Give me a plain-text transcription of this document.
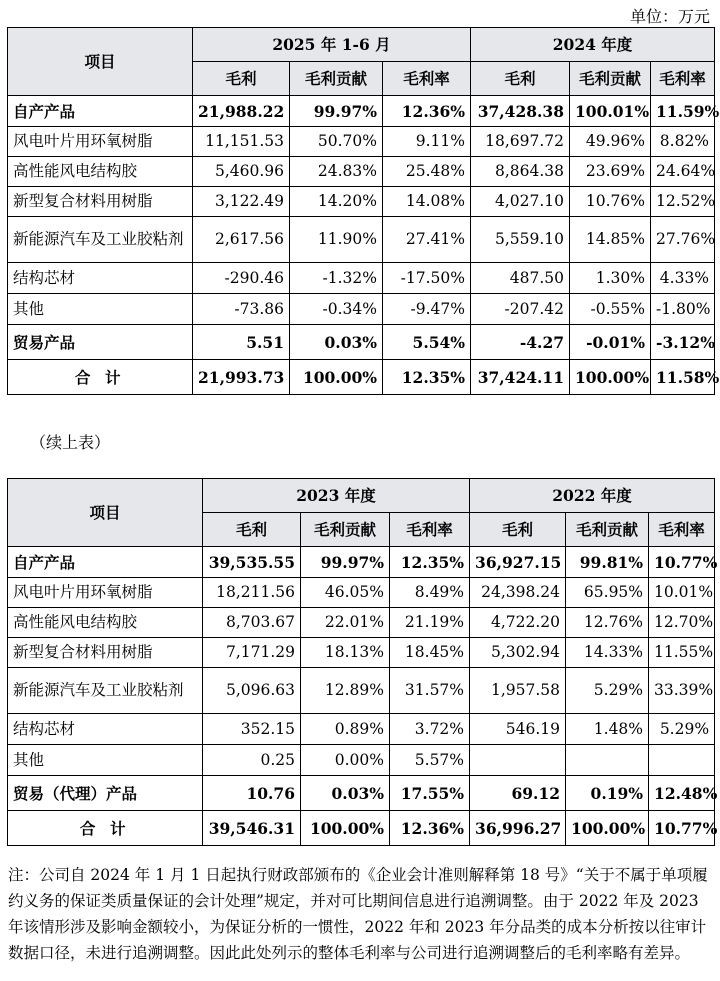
单位：万元
项目	2025 年 1-6 月			2024 年度		
	毛利	毛利贡献	毛利率	毛利	毛利贡献	毛利率
自产产品	21,988.22	99.97%	12.36%	37,428.38	100.01%	11.59%
风电叶片用环氧树脂	11,151.53	50.70%	9.11%	18,697.72	49.96%	8.82%
高性能风电结构胶	5,460.96	24.83%	25.48%	8,864.38	23.69%	24.64%
新型复合材料用树脂	3,122.49	14.20%	14.08%	4,027.10	10.76%	12.52%
新能源汽车及工业胶粘剂	2,617.56	11.90%	27.41%	5,559.10	14.85%	27.76%
结构芯材	-290.46	-1.32%	-17.50%	487.50	1.30%	4.33%
其他	-73.86	-0.34%	-9.47%	-207.42	-0.55%	-1.80%
贸易产品	5.51	0.03%	5.54%	-4.27	-0.01%	-3.12%
合 计	21,993.73	100.00%	12.35%	37,424.11	100.00%	11.58%
（续上表）
项目	2023 年度			2022 年度		
	毛利	毛利贡献	毛利率	毛利	毛利贡献	毛利率
自产产品	39,535.55	99.97%	12.35%	36,927.15	99.81%	10.77%
风电叶片用环氧树脂	18,211.56	46.05%	8.49%	24,398.24	65.95%	10.01%
高性能风电结构胶	8,703.67	22.01%	21.19%	4,722.20	12.76%	12.70%
新型复合材料用树脂	7,171.29	18.13%	18.45%	5,302.94	14.33%	11.55%
新能源汽车及工业胶粘剂	5,096.63	12.89%	31.57%	1,957.58	5.29%	33.39%
结构芯材	352.15	0.89%	3.72%	546.19	1.48%	5.29%
其他	0.25	0.00%	5.57%			
贸易（代理）产品	10.76	0.03%	17.55%	69.12	0.19%	12.48%
合 计	39,546.31	100.00%	12.36%	36,996.27	100.00%	10.77%

注：公司自 2024 年 1 月 1 日起执行财政部颁布的《企业会计准则解释第 18 号》“关于不属于单项履约义务的保证类质量保证的会计处理”规定，并对可比期间信息进行追溯调整。由于 2022 年及 2023 年该情形涉及影响金额较小，为保证分析的一惯性，2022 年和 2023 年分品类的成本分析按以往审计数据口径，未进行追溯调整。因此此处列示的整体毛利率与公司进行追溯调整后的毛利率略有差异。
